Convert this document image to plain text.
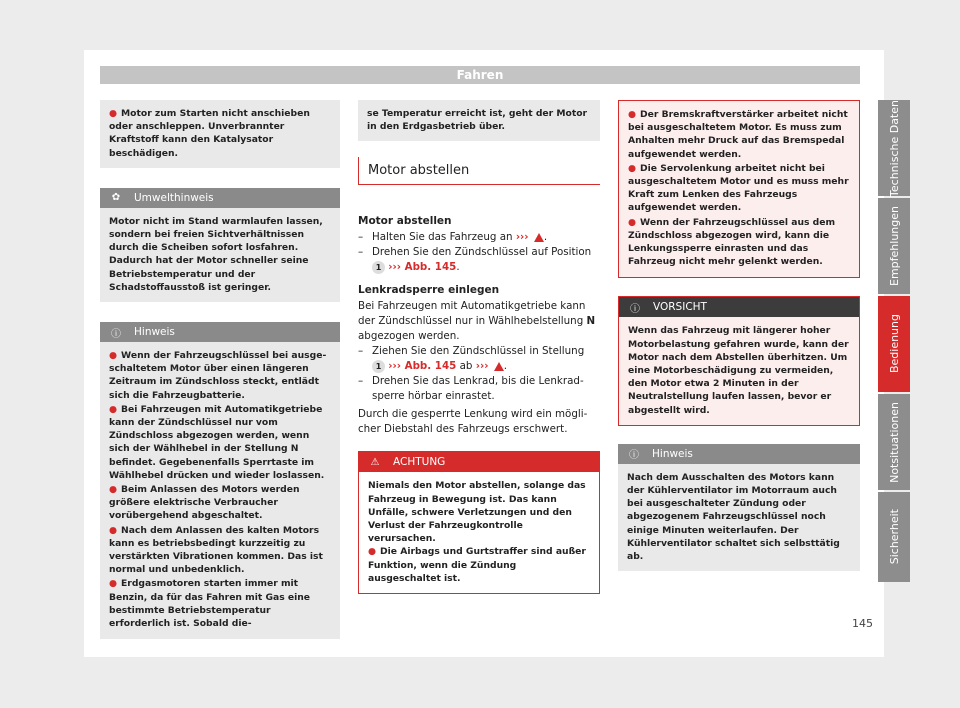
Fahren
● Motor zum Starten nicht anschieben oder anschleppen. Unverbrannter Kraftstoff kann den Katalysator beschädigen.
✿ Umwelthinweis
Motor nicht im Stand warmlaufen lassen, sondern bei freien Sichtverhältnissen durch die Scheiben sofort losfahren. Dadurch hat der Motor schneller seine Betriebstemperatur und der Schadstoffausstoß ist geringer.
ⓘ Hinweis
● Wenn der Fahrzeugschlüssel bei ausgeschaltetem Motor über einen längeren Zeitraum im Zündschloss steckt, entlädt sich die Fahrzeugbatterie.
● Bei Fahrzeugen mit Automatikgetriebe kann der Zündschlüssel nur vom Zündschloss abgezogen werden, wenn sich der Wählhebel in der Stellung N befindet. Gegebenenfalls Sperrtaste im Wählhebel drücken und wieder loslassen.
● Beim Anlassen des Motors werden größere elektrische Verbraucher vorübergehend abgeschaltet.
● Nach dem Anlassen des kalten Motors kann es betriebsbedingt kurzzeitig zu verstärkten Vibrationen kommen. Das ist normal und unbedenklich.
● Erdgasmotoren starten immer mit Benzin, da für das Fahren mit Gas eine bestimmte Betriebstemperatur erforderlich ist. Sobald die-
se Temperatur erreicht ist, geht der Motor in den Erdgasbetrieb über.
Motor abstellen
Motor abstellen
– Halten Sie das Fahrzeug an ››› .
– Drehen Sie den Zündschlüssel auf Position 1 ››› Abb. 145.
Lenkradsperre einlegen
Bei Fahrzeugen mit Automatikgetriebe kann der Zündschlüssel nur in Wählhebelstellung N abgezogen werden.
– Ziehen Sie den Zündschlüssel in Stellung 1 ››› Abb. 145 ab ››› .
– Drehen Sie das Lenkrad, bis die Lenkradsperre hörbar einrastet.
Durch die gesperrte Lenkung wird ein möglicher Diebstahl des Fahrzeugs erschwert.
⚠ ACHTUNG
Niemals den Motor abstellen, solange das Fahrzeug in Bewegung ist. Das kann Unfälle, schwere Verletzungen und den Verlust der Fahrzeugkontrolle verursachen.
● Die Airbags und Gurtstraffer sind außer Funktion, wenn die Zündung ausgeschaltet ist.
● Der Bremskraftverstärker arbeitet nicht bei ausgeschaltetem Motor. Es muss zum Anhalten mehr Druck auf das Bremspedal aufgewendet werden.
● Die Servolenkung arbeitet nicht bei ausgeschaltetem Motor und es muss mehr Kraft zum Lenken des Fahrzeugs aufgewendet werden.
● Wenn der Fahrzeugschlüssel aus dem Zündschloss abgezogen wird, kann die Lenkungssperre einrasten und das Fahrzeug nicht mehr gelenkt werden.
ⓘ VORSICHT
Wenn das Fahrzeug mit längerer hoher Motorbelastung gefahren wurde, kann der Motor nach dem Abstellen überhitzen. Um eine Motorbeschädigung zu vermeiden, den Motor etwa 2 Minuten in der Neutralstellung laufen lassen, bevor er abgestellt wird.
ⓘ Hinweis
Nach dem Ausschalten des Motors kann der Kühlerventilator im Motorraum auch bei ausgeschalteter Zündung oder abgezogenem Fahrzeugschlüssel noch einige Minuten weiterlaufen. Der Kühlerventilator schaltet sich selbsttätig ab.
Technische Daten
Empfehlungen
Bedienung
Notsituationen
Sicherheit
145
